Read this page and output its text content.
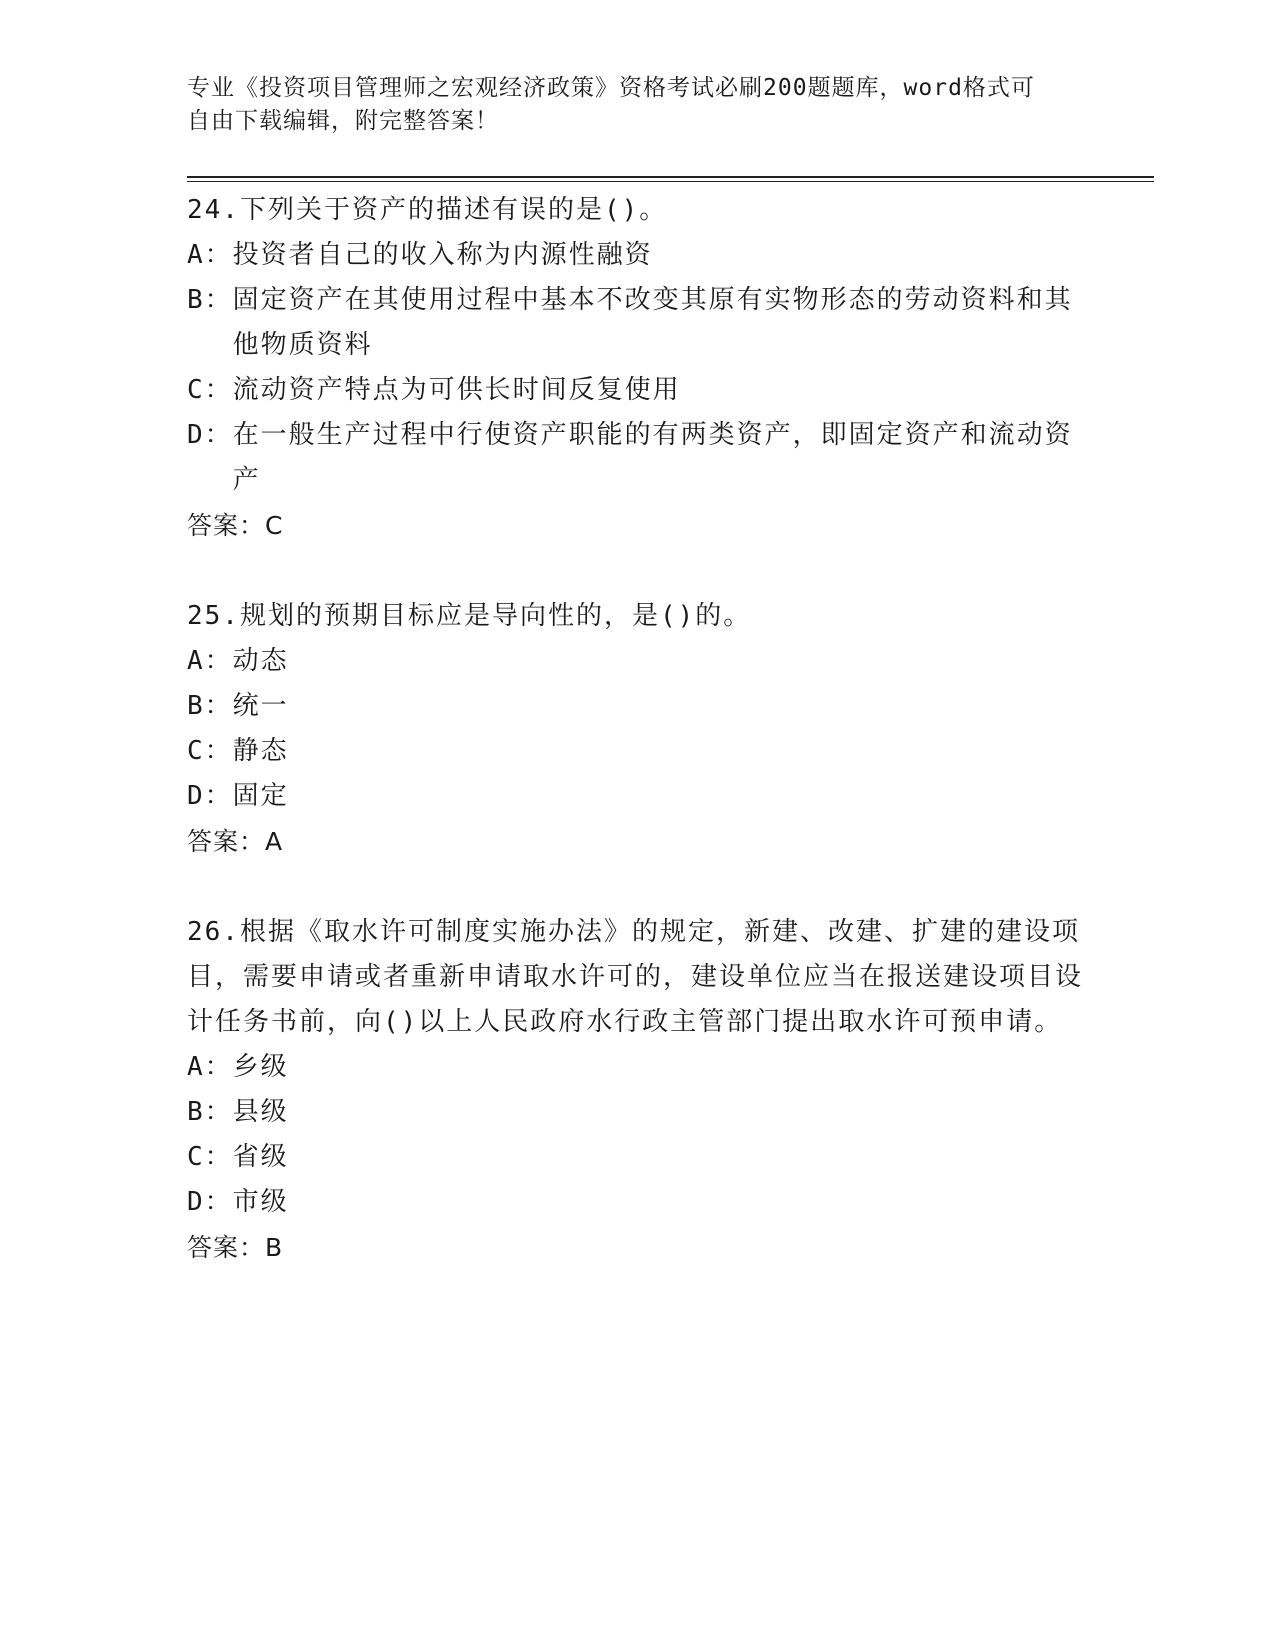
专业《投资项目管理师之宏观经济政策》资格考试必刷200题题库，word格式可
自由下载编辑，附完整答案！

24.下列关于资产的描述有误的是()。

A： 投资者自己的收入称为内源性融资

B： 固定资产在其使用过程中基本不改变其原有实物形态的劳动资料和其他物质资料

C： 流动资产特点为可供长时间反复使用

D： 在一般生产过程中行使资产职能的有两类资产，即固定资产和流动资产

答案：C

25.规划的预期目标应是导向性的，是()的。

A： 动态

B： 统一

C： 静态

D： 固定

答案：A

26.根据《取水许可制度实施办法》的规定，新建、改建、扩建的建设项目，需要申请或者重新申请取水许可的，建设单位应当在报送建设项目设计任务书前，向()以上人民政府水行政主管部门提出取水许可预申请。

A： 乡级

B： 县级

C： 省级

D： 市级

答案：B
